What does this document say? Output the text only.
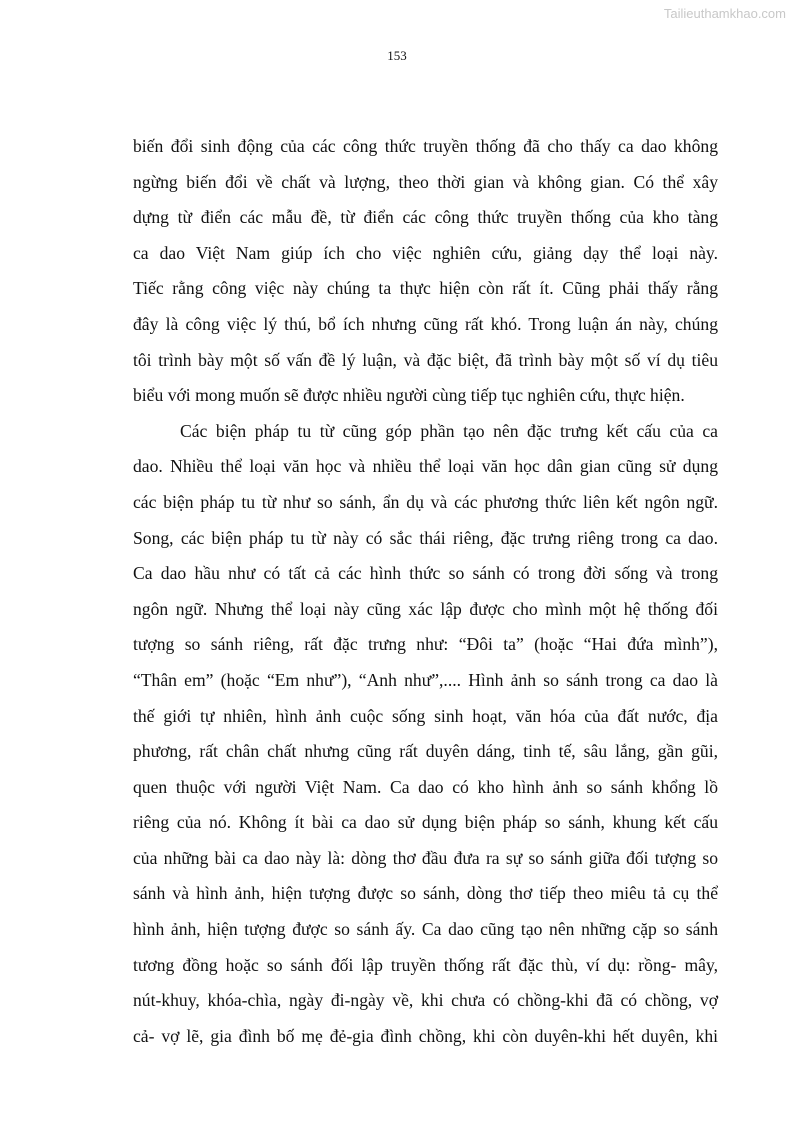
Tailieuthamkhao.com
153
biến đổi sinh động của các công thức truyền thống đã cho thấy ca dao không
ngừng biến đổi về chất và lượng, theo thời gian và không gian. Có thể xây
dựng từ điển các mẫu đề, từ điển các công thức truyền thống của kho tàng
ca dao Việt Nam giúp ích cho việc nghiên cứu, giảng dạy thể loại này.
Tiếc rằng công việc này chúng ta thực hiện còn rất ít. Cũng phải thấy rằng
đây là công việc lý thú, bổ ích nhưng cũng rất khó. Trong luận án này, chúng
tôi trình bày một số vấn đề lý luận, và đặc biệt, đã trình bày một số ví dụ tiêu
biểu với mong muốn sẽ được nhiều người cùng tiếp tục nghiên cứu, thực hiện.
Các biện pháp tu từ cũng góp phần tạo nên đặc trưng kết cấu của ca
dao. Nhiều thể loại văn học và nhiều thể loại văn học dân gian cũng sử dụng
các biện pháp tu từ như so sánh, ẩn dụ và các phương thức liên kết ngôn ngữ.
Song, các biện pháp tu từ này có sắc thái riêng, đặc trưng riêng trong ca dao.
Ca dao hầu như có tất cả các hình thức so sánh có trong đời sống và trong
ngôn ngữ. Nhưng thể loại này cũng xác lập được cho mình một hệ thống đối
tượng so sánh riêng, rất đặc trưng như: “Đôi ta” (hoặc “Hai đứa mình”),
“Thân em” (hoặc “Em như”), “Anh như”,.... Hình ảnh so sánh trong ca dao là
thế giới tự nhiên, hình ảnh cuộc sống sinh hoạt, văn hóa của đất nước, địa
phương, rất chân chất nhưng cũng rất duyên dáng, tinh tế, sâu lắng, gần gũi,
quen thuộc với người Việt Nam. Ca dao có kho hình ảnh so sánh khổng lồ
riêng của nó. Không ít bài ca dao sử dụng biện pháp so sánh, khung kết cấu
của những bài ca dao này là: dòng thơ đầu đưa ra sự so sánh giữa đối tượng so
sánh và hình ảnh, hiện tượng được so sánh, dòng thơ tiếp theo miêu tả cụ thể
hình ảnh, hiện tượng được so sánh ấy. Ca dao cũng tạo nên những cặp so sánh
tương đồng hoặc so sánh đối lập truyền thống rất đặc thù, ví dụ: rồng- mây,
nút-khuy, khóa-chìa, ngày đi-ngày về, khi chưa có chồng-khi đã có chồng, vợ
cả- vợ lẽ, gia đình bố mẹ đẻ-gia đình chồng, khi còn duyên-khi hết duyên, khi
